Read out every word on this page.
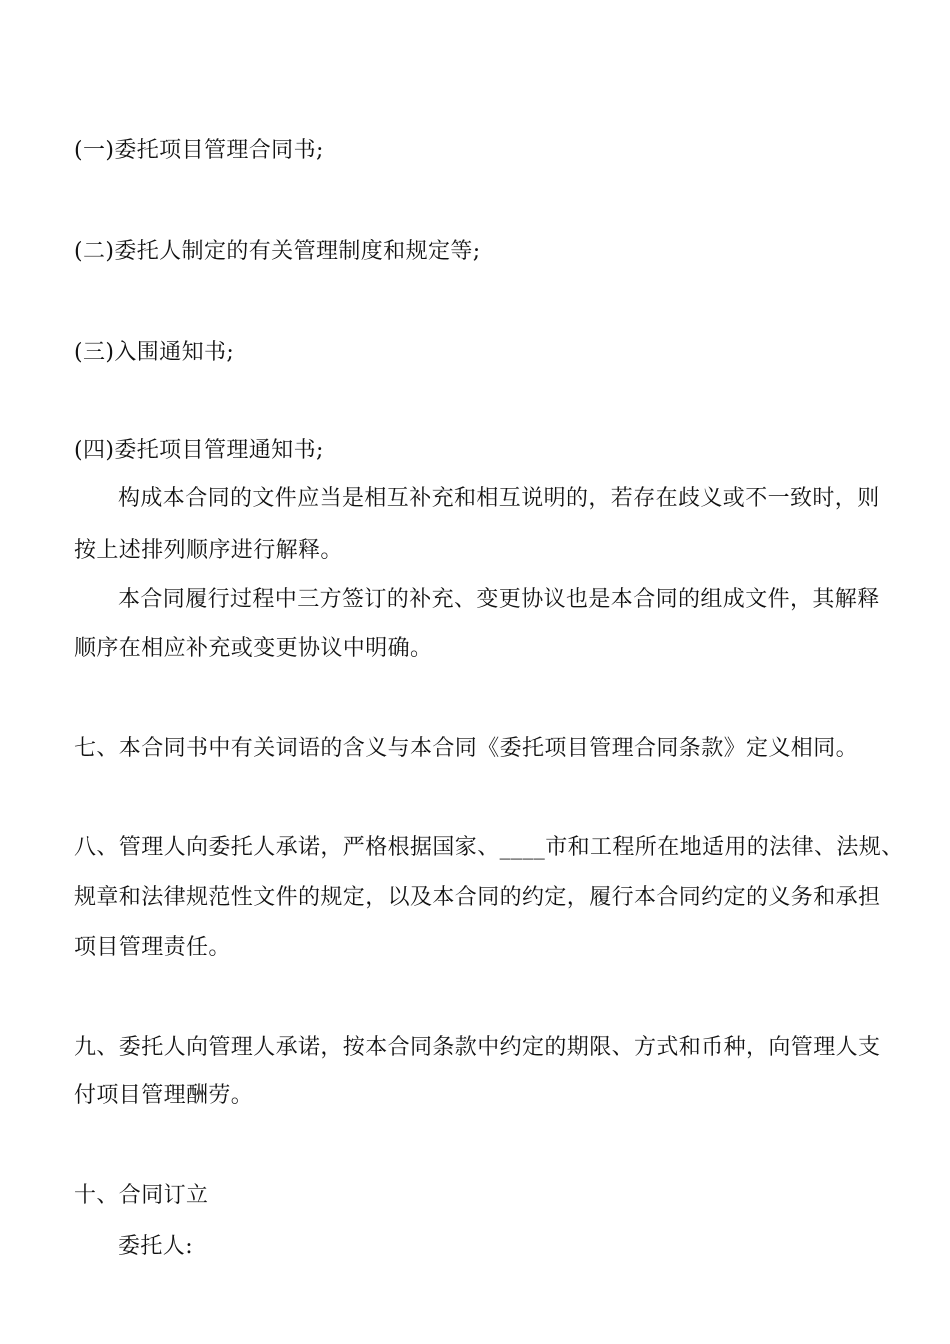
(一)委托项目管理合同书;
(二)委托人制定的有关管理制度和规定等;
(三)入围通知书;
(四)委托项目管理通知书;
构成本合同的文件应当是相互补充和相互说明的，若存在歧义或不一致时，则
按上述排列顺序进行解释。
本合同履行过程中三方签订的补充、变更协议也是本合同的组成文件，其解释
顺序在相应补充或变更协议中明确。
七、本合同书中有关词语的含义与本合同《委托项目管理合同条款》定义相同。
八、管理人向委托人承诺，严格根据国家、____市和工程所在地适用的法律、法规、
规章和法律规范性文件的规定，以及本合同的约定，履行本合同约定的义务和承担
项目管理责任。
九、委托人向管理人承诺，按本合同条款中约定的期限、方式和币种，向管理人支
付项目管理酬劳。
十、合同订立
委托人:
